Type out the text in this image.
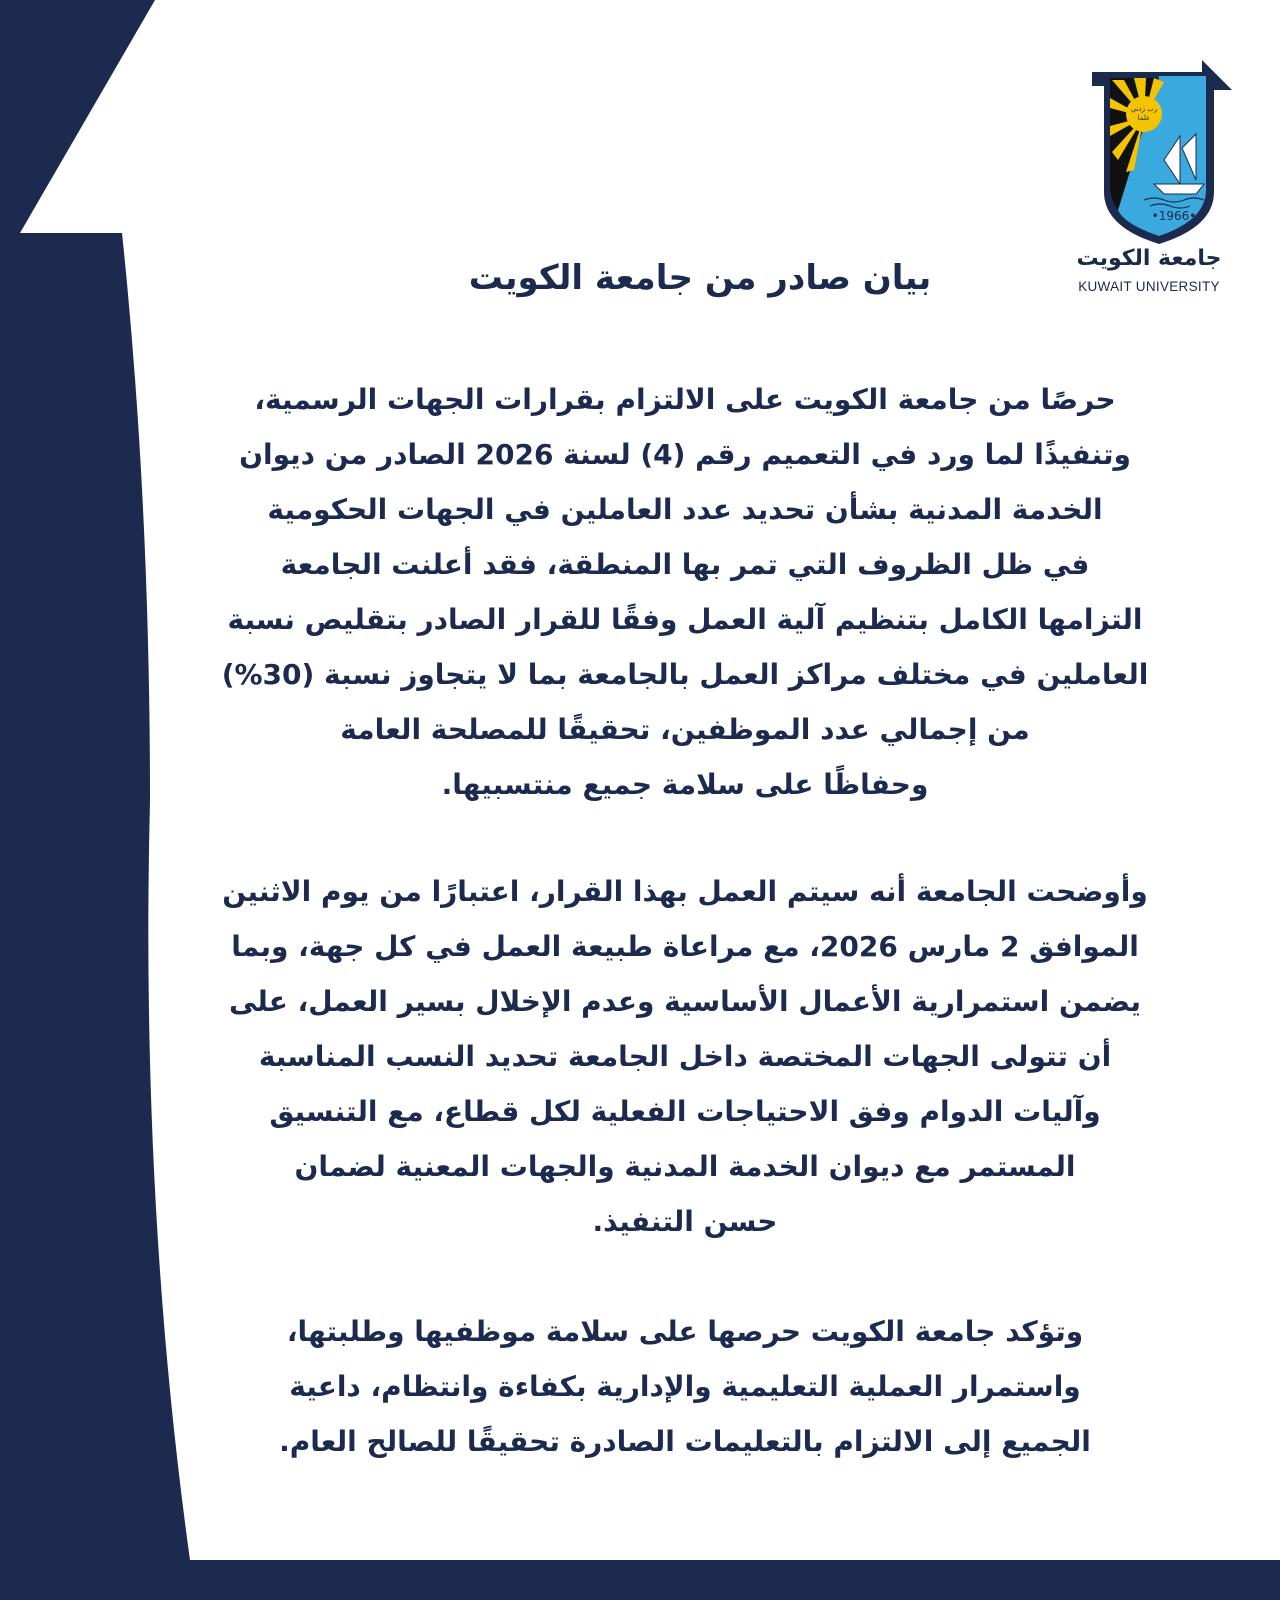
رب زدني
علما
•1966•
جامعة الكويت
KUWAIT UNIVERSITY
بيان صادر من جامعة الكويت
حرصًا من جامعة الكويت على الالتزام بقرارات الجهات الرسمية،
وتنفيذًا لما ورد في التعميم رقم (4) لسنة 2026 الصادر من ديوان
الخدمة المدنية بشأن تحديد عدد العاملين في الجهات الحكومية
في ظل الظروف التي تمر بها المنطقة، فقد أعلنت الجامعة
التزامها الكامل بتنظيم آلية العمل وفقًا للقرار الصادر بتقليص نسبة
العاملين في مختلف مراكز العمل بالجامعة بما لا يتجاوز نسبة (30%)
من إجمالي عدد الموظفين، تحقيقًا للمصلحة العامة
وحفاظًا على سلامة جميع منتسبيها.
وأوضحت الجامعة أنه سيتم العمل بهذا القرار، اعتبارًا من يوم الاثنين
الموافق 2 مارس 2026، مع مراعاة طبيعة العمل في كل جهة، وبما
يضمن استمرارية الأعمال الأساسية وعدم الإخلال بسير العمل، على
أن تتولى الجهات المختصة داخل الجامعة تحديد النسب المناسبة
وآليات الدوام وفق الاحتياجات الفعلية لكل قطاع، مع التنسيق
المستمر مع ديوان الخدمة المدنية والجهات المعنية لضمان
حسن التنفيذ.
وتؤكد جامعة الكويت حرصها على سلامة موظفيها وطلبتها،
واستمرار العملية التعليمية والإدارية بكفاءة وانتظام، داعية
الجميع إلى الالتزام بالتعليمات الصادرة تحقيقًا للصالح العام.
